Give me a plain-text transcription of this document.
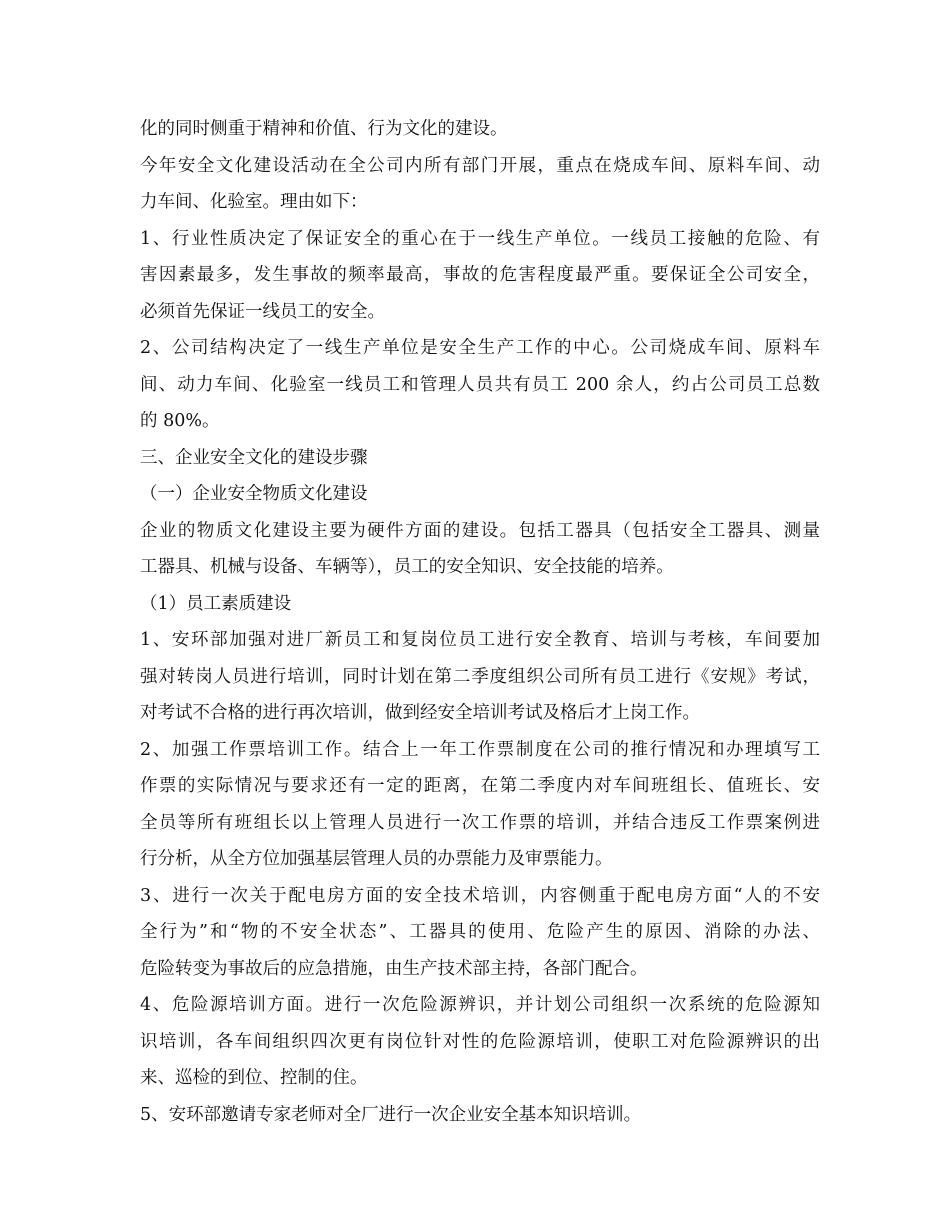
化的同时侧重于精神和价值、行为文化的建设。
今年安全文化建设活动在全公司内所有部门开展，重点在烧成车间、原料车间、动
力车间、化验室。理由如下：
1、行业性质决定了保证安全的重心在于一线生产单位。一线员工接触的危险、有
害因素最多，发生事故的频率最高，事故的危害程度最严重。要保证全公司安全，
必须首先保证一线员工的安全。
2、公司结构决定了一线生产单位是安全生产工作的中心。公司烧成车间、原料车
间、动力车间、化验室一线员工和管理人员共有员工 200 余人，约占公司员工总数
的 80%。
三、企业安全文化的建设步骤
（一）企业安全物质文化建设
企业的物质文化建设主要为硬件方面的建设。包括工器具（包括安全工器具、测量
工器具、机械与设备、车辆等），员工的安全知识、安全技能的培养。
（1）员工素质建设
1、安环部加强对进厂新员工和复岗位员工进行安全教育、培训与考核，车间要加
强对转岗人员进行培训，同时计划在第二季度组织公司所有员工进行《安规》考试，
对考试不合格的进行再次培训，做到经安全培训考试及格后才上岗工作。
2、加强工作票培训工作。结合上一年工作票制度在公司的推行情况和办理填写工
作票的实际情况与要求还有一定的距离，在第二季度内对车间班组长、值班长、安
全员等所有班组长以上管理人员进行一次工作票的培训，并结合违反工作票案例进
行分析，从全方位加强基层管理人员的办票能力及审票能力。
3、进行一次关于配电房方面的安全技术培训，内容侧重于配电房方面“人的不安
全行为”和“物的不安全状态”、工器具的使用、危险产生的原因、消除的办法、
危险转变为事故后的应急措施，由生产技术部主持，各部门配合。
4、危险源培训方面。进行一次危险源辨识，并计划公司组织一次系统的危险源知
识培训，各车间组织四次更有岗位针对性的危险源培训，使职工对危险源辨识的出
来、巡检的到位、控制的住。
5、安环部邀请专家老师对全厂进行一次企业安全基本知识培训。
